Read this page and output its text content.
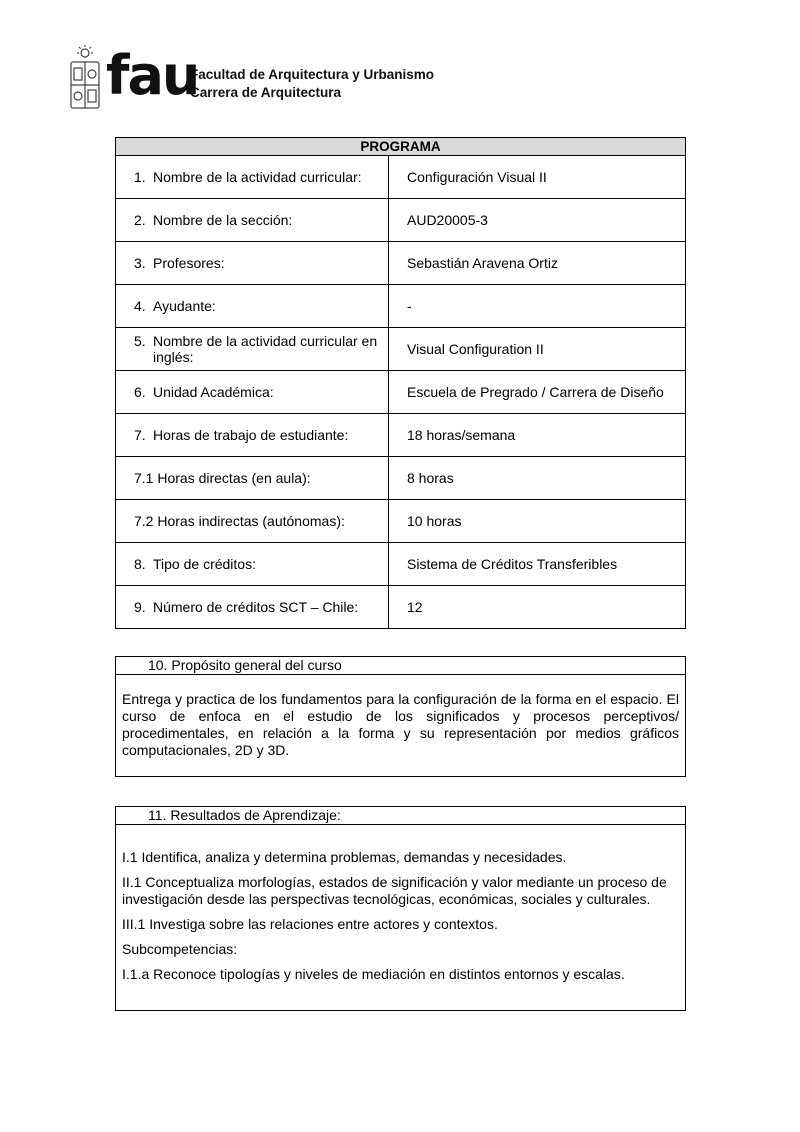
fau
Facultad de Arquitectura y Urbanismo
Carrera de Arquitectura
PROGRAMA	

1. Nombre de la actividad curricular:	Configuración Visual II

2. Nombre de la sección:	AUD20005-3

3. Profesores:	Sebastián Aravena Ortiz

4. Ayudante:	-

5. Nombre de la actividad curricular en inglés:	Visual Configuration II

6. Unidad Académica:	Escuela de Pregrado / Carrera de Diseño

7. Horas de trabajo de estudiante:	18 horas/semana

7.1 Horas directas (en aula):	8 horas

7.2 Horas indirectas (autónomas):	10 horas

8. Tipo de créditos:	Sistema de Créditos Transferibles

9. Número de créditos SCT – Chile:	12
10. Propósito general del curso
Entrega y practica de los fundamentos para la configuración de la forma en el espacio. El curso de enfoca en el estudio de los significados y procesos perceptivos/ procedimentales, en relación a la forma y su representación por medios gráficos computacionales, 2D y 3D.
11. Resultados de Aprendizaje:

I.1 Identifica, analiza y determina problemas, demandas y necesidades.

II.1 Conceptualiza morfologías, estados de significación y valor mediante un proceso de investigación desde las perspectivas tecnológicas, económicas, sociales y culturales.

III.1 Investiga sobre las relaciones entre actores y contextos.

Subcompetencias:

I.1.a Reconoce tipologías y niveles de mediación en distintos entornos y escalas.
